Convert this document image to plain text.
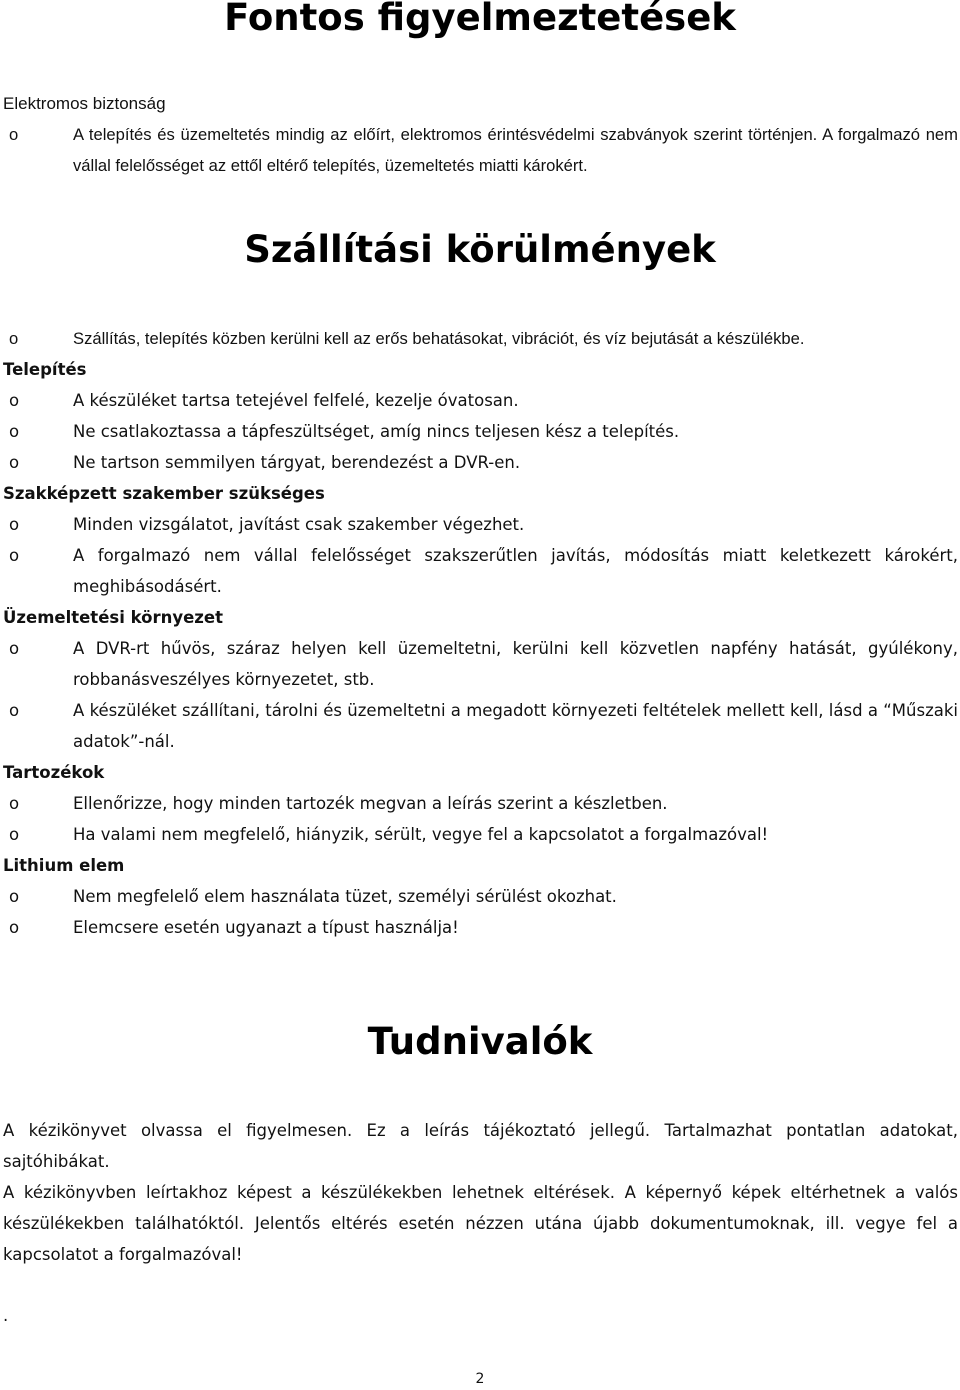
Fontos figyelmeztetések
Elektromos biztonság
o	A telepítés és üzemeltetés mindig az előírt, elektromos érintésvédelmi szabványok szerint történjen. A forgalmazó nem vállal felelősséget az ettől eltérő telepítés, üzemeltetés miatti károkért.
Szállítási körülmények
o	Szállítás, telepítés közben kerülni kell az erős behatásokat, vibrációt, és víz bejutását a készülékbe.
Telepítés
o	A készüléket tartsa tetejével felfelé, kezelje óvatosan.
o	Ne csatlakoztassa a tápfeszültséget, amíg nincs teljesen kész a telepítés.
o	Ne tartson semmilyen tárgyat, berendezést a DVR-en.
Szakképzett szakember szükséges
o	Minden vizsgálatot, javítást csak szakember végezhet.
o	A forgalmazó nem vállal felelősséget szakszerűtlen javítás, módosítás miatt keletkezett károkért, meghibásodásért.
Üzemeltetési környezet
o	A DVR-rt hűvös, száraz helyen kell üzemeltetni, kerülni kell közvetlen napfény hatását, gyúlékony, robbanásveszélyes környezetet, stb.
o	A készüléket szállítani, tárolni és üzemeltetni a megadott környezeti feltételek mellett kell, lásd a “Műszaki adatok”-nál.
Tartozékok
o	Ellenőrizze, hogy minden tartozék megvan a leírás szerint a készletben.
o	Ha valami nem megfelelő, hiányzik, sérült, vegye fel a kapcsolatot a forgalmazóval!
Lithium elem
o	Nem megfelelő elem használata tüzet, személyi sérülést okozhat.
o	Elemcsere esetén ugyanazt a típust használja!
Tudnivalók
A kézikönyvet olvassa el figyelmesen. Ez a leírás tájékoztató jellegű. Tartalmazhat pontatlan adatokat, sajtóhibákat.
A kézikönyvben leírtakhoz képest a készülékekben lehetnek eltérések. A képernyő képek eltérhetnek a valós készülékekben találhatóktól. Jelentős eltérés esetén nézzen utána újabb dokumentumoknak, ill. vegye fel a kapcsolatot a forgalmazóval!
.
2
